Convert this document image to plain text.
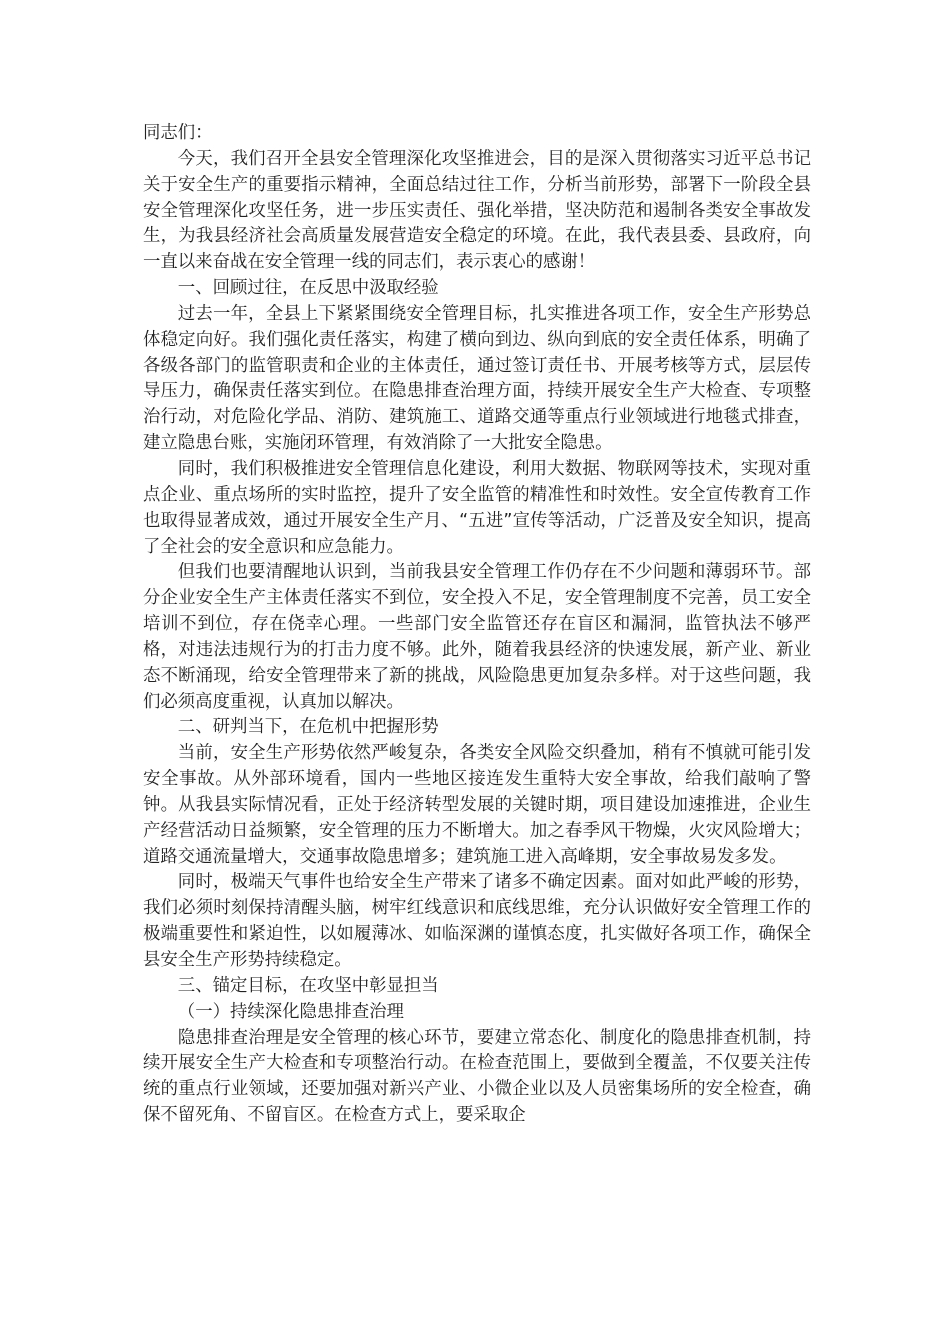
同志们：

今天，我们召开全县安全管理深化攻坚推进会，目的是深入贯彻落实习近平总书记关于安全生产的重要指示精神，全面总结过往工作，分析当前形势，部署下一阶段全县安全管理深化攻坚任务，进一步压实责任、强化举措，坚决防范和遏制各类安全事故发生，为我县经济社会高质量发展营造安全稳定的环境。在此，我代表县委、县政府，向一直以来奋战在安全管理一线的同志们，表示衷心的感谢！

一、回顾过往，在反思中汲取经验

过去一年，全县上下紧紧围绕安全管理目标，扎实推进各项工作，安全生产形势总体稳定向好。我们强化责任落实，构建了横向到边、纵向到底的安全责任体系，明确了各级各部门的监管职责和企业的主体责任，通过签订责任书、开展考核等方式，层层传导压力，确保责任落实到位。在隐患排查治理方面，持续开展安全生产大检查、专项整治行动，对危险化学品、消防、建筑施工、道路交通等重点行业领域进行地毯式排查，建立隐患台账，实施闭环管理，有效消除了一大批安全隐患。

同时，我们积极推进安全管理信息化建设，利用大数据、物联网等技术，实现对重点企业、重点场所的实时监控，提升了安全监管的精准性和时效性。安全宣传教育工作也取得显著成效，通过开展安全生产月、“五进”宣传等活动，广泛普及安全知识，提高了全社会的安全意识和应急能力。

但我们也要清醒地认识到，当前我县安全管理工作仍存在不少问题和薄弱环节。部分企业安全生产主体责任落实不到位，安全投入不足，安全管理制度不完善，员工安全培训不到位，存在侥幸心理。一些部门安全监管还存在盲区和漏洞，监管执法不够严格，对违法违规行为的打击力度不够。此外，随着我县经济的快速发展，新产业、新业态不断涌现，给安全管理带来了新的挑战，风险隐患更加复杂多样。对于这些问题，我们必须高度重视，认真加以解决。

二、研判当下，在危机中把握形势

当前，安全生产形势依然严峻复杂，各类安全风险交织叠加，稍有不慎就可能引发安全事故。从外部环境看，国内一些地区接连发生重特大安全事故，给我们敲响了警钟。从我县实际情况看，正处于经济转型发展的关键时期，项目建设加速推进，企业生产经营活动日益频繁，安全管理的压力不断增大。加之春季风干物燥，火灾风险增大；道路交通流量增大，交通事故隐患增多；建筑施工进入高峰期，安全事故易发多发。

同时，极端天气事件也给安全生产带来了诸多不确定因素。面对如此严峻的形势，我们必须时刻保持清醒头脑，树牢红线意识和底线思维，充分认识做好安全管理工作的极端重要性和紧迫性，以如履薄冰、如临深渊的谨慎态度，扎实做好各项工作，确保全县安全生产形势持续稳定。

三、锚定目标，在攻坚中彰显担当

（一）持续深化隐患排查治理

隐患排查治理是安全管理的核心环节，要建立常态化、制度化的隐患排查机制，持续开展安全生产大检查和专项整治行动。在检查范围上，要做到全覆盖，不仅要关注传统的重点行业领域，还要加强对新兴产业、小微企业以及人员密集场所的安全检查，确保不留死角、不留盲区。在检查方式上，要采取企
